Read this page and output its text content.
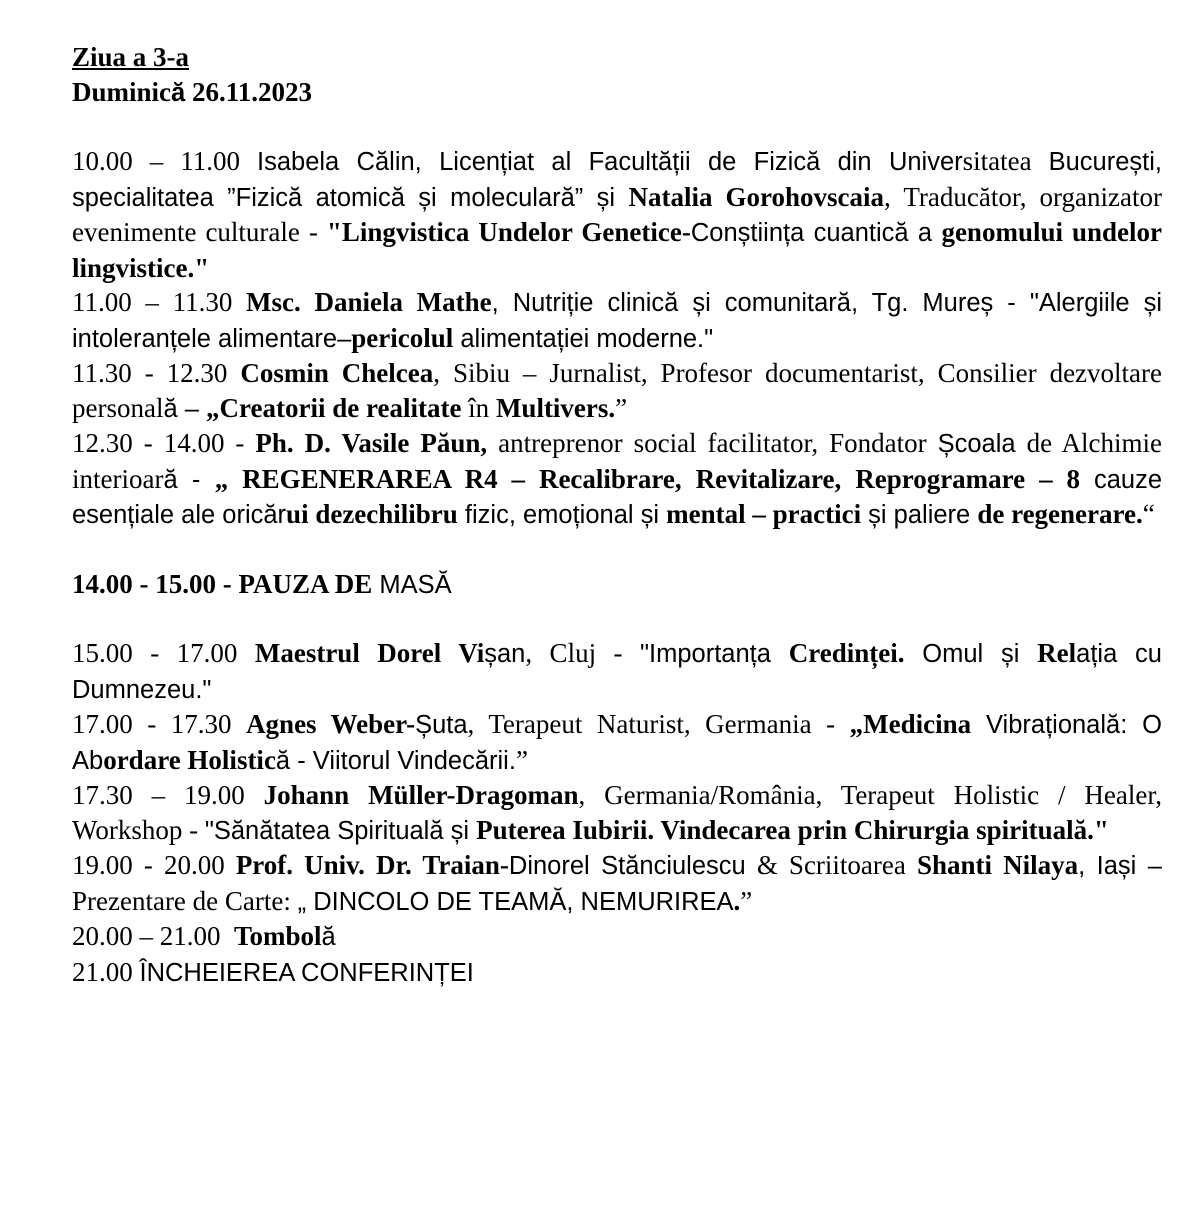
Ziua a 3-a
Duminică 26.11.2023
10.00 – 11.00 Isabela Călin, Licențiat al Facultății de Fizică din Universitatea București, specialitatea ”Fizică atomică și moleculară” și Natalia Gorohovscaia, Traducător, organizator evenimente culturale - "Lingvistica Undelor Genetice-Conștiința cuantică a genomului undelor lingvistice."
11.00 – 11.30 Msc. Daniela Mathe, Nutriție clinică și comunitară, Tg. Mureș - "Alergiile și intoleranțele alimentare–pericolul alimentației moderne."
11.30 - 12.30 Cosmin Chelcea, Sibiu – Jurnalist, Profesor documentarist, Consilier dezvoltare personală – „Creatorii de realitate în Multivers.”
12.30 - 14.00 - Ph. D. Vasile Păun, antreprenor social facilitator, Fondator Școala de Alchimie interioară - „ REGENERAREA R4 – Recalibrare, Revitalizare, Reprogramare – 8 cauze esențiale ale oricărui dezechilibru fizic, emoțional și mental – practici și paliere de regenerare.“
14.00 - 15.00 - PAUZA DE MASĂ
15.00 - 17.00 Maestrul Dorel Vișan, Cluj - "Importanța Credinței. Omul și Relația cu Dumnezeu."
17.00 - 17.30 Agnes Weber-Șuta, Terapeut Naturist, Germania - „Medicina Vibrațională: O Abordare Holistică - Viitorul Vindecării.”
17.30 – 19.00 Johann Müller-Dragoman, Germania/România, Terapeut Holistic / Healer, Workshop - "Sănătatea Spirituală și Puterea Iubirii. Vindecarea prin Chirurgia spirituală."
19.00 - 20.00 Prof. Univ. Dr. Traian-Dinorel Stănciulescu & Scriitoarea Shanti Nilaya, Iași – Prezentare de Carte: „ DINCOLO DE TEAMĂ, NEMURIREA.”
20.00 – 21.00  Tombolă
21.00 ÎNCHEIEREA CONFERINȚEI
